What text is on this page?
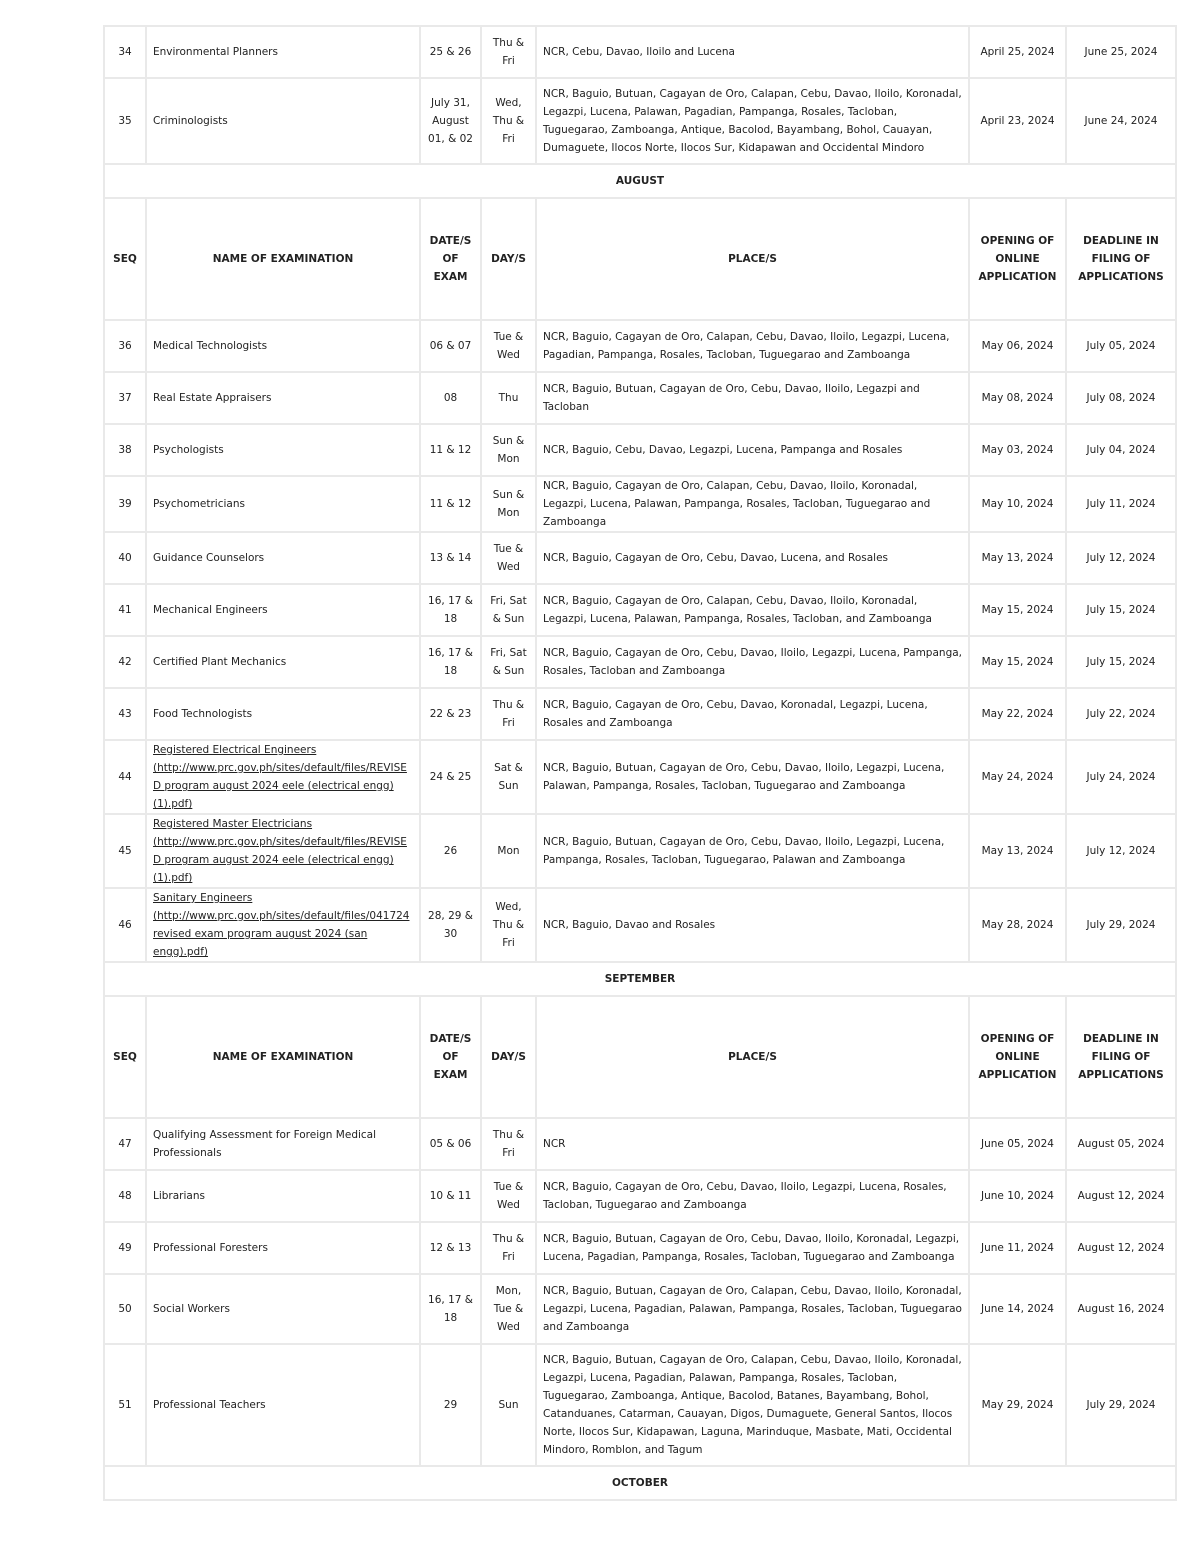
34	Environmental Planners	25 & 26	Thu & Fri	NCR, Cebu, Davao, Iloilo and Lucena	April 25, 2024	June 25, 2024
35	Criminologists	July 31, August 01, & 02	Wed, Thu & Fri	NCR, Baguio, Butuan, Cagayan de Oro, Calapan, Cebu, Davao, Iloilo, Koronadal, Legazpi, Lucena, Palawan, Pagadian, Pampanga, Rosales, Tacloban, Tuguegarao, Zamboanga, Antique, Bacolod, Bayambang, Bohol, Cauayan, Dumaguete, Ilocos Norte, Ilocos Sur, Kidapawan and Occidental Mindoro	April 23, 2024	June 24, 2024
AUGUST						
SEQ	NAME OF EXAMINATION	DATE/S OF EXAM	DAY/S	PLACE/S	OPENING OF ONLINE APPLICATION	DEADLINE IN FILING OF APPLICATIONS
36	Medical Technologists	06 & 07	Tue & Wed	NCR, Baguio, Cagayan de Oro, Calapan, Cebu, Davao, Iloilo, Legazpi, Lucena, Pagadian, Pampanga, Rosales, Tacloban, Tuguegarao and Zamboanga	May 06, 2024	July 05, 2024
37	Real Estate Appraisers	08	Thu	NCR, Baguio, Butuan, Cagayan de Oro, Cebu, Davao, Iloilo, Legazpi and Tacloban	May 08, 2024	July 08, 2024
38	Psychologists	11 & 12	Sun & Mon	NCR, Baguio, Cebu, Davao, Legazpi, Lucena, Pampanga and Rosales	May 03, 2024	July 04, 2024
39	Psychometricians	11 & 12	Sun & Mon	NCR, Baguio, Cagayan de Oro, Calapan, Cebu, Davao, Iloilo, Koronadal, Legazpi, Lucena, Palawan, Pampanga, Rosales, Tacloban, Tuguegarao and Zamboanga	May 10, 2024	July 11, 2024
40	Guidance Counselors	13 & 14	Tue & Wed	NCR, Baguio, Cagayan de Oro, Cebu, Davao, Lucena, and Rosales	May 13, 2024	July 12, 2024
41	Mechanical Engineers	16, 17 & 18	Fri, Sat & Sun	NCR, Baguio, Cagayan de Oro, Calapan, Cebu, Davao, Iloilo, Koronadal, Legazpi, Lucena, Palawan, Pampanga, Rosales, Tacloban, and Zamboanga	May 15, 2024	July 15, 2024
42	Certified Plant Mechanics	16, 17 & 18	Fri, Sat & Sun	NCR, Baguio, Cagayan de Oro, Cebu, Davao, Iloilo, Legazpi, Lucena, Pampanga, Rosales, Tacloban and Zamboanga	May 15, 2024	July 15, 2024
43	Food Technologists	22 & 23	Thu & Fri	NCR, Baguio, Cagayan de Oro, Cebu, Davao, Koronadal, Legazpi, Lucena, Rosales and Zamboanga	May 22, 2024	July 22, 2024
44	Registered Electrical Engineers (http://www.prc.gov.ph/sites/default/files/REVISED program august 2024 eele (electrical engg) (1).pdf)	24 & 25	Sat & Sun	NCR, Baguio, Butuan, Cagayan de Oro, Cebu, Davao, Iloilo, Legazpi, Lucena, Palawan, Pampanga, Rosales, Tacloban, Tuguegarao and Zamboanga	May 24, 2024	July 24, 2024
45	Registered Master Electricians (http://www.prc.gov.ph/sites/default/files/REVISED program august 2024 eele (electrical engg) (1).pdf)	26	Mon	NCR, Baguio, Butuan, Cagayan de Oro, Cebu, Davao, Iloilo, Legazpi, Lucena, Pampanga, Rosales, Tacloban, Tuguegarao, Palawan and Zamboanga	May 13, 2024	July 12, 2024
46	Sanitary Engineers (http://www.prc.gov.ph/sites/default/files/041724 revised exam program august 2024 (san engg).pdf)	28, 29 & 30	Wed, Thu & Fri	NCR, Baguio, Davao and Rosales	May 28, 2024	July 29, 2024
SEPTEMBER						
SEQ	NAME OF EXAMINATION	DATE/S OF EXAM	DAY/S	PLACE/S	OPENING OF ONLINE APPLICATION	DEADLINE IN FILING OF APPLICATIONS
47	Qualifying Assessment for Foreign Medical Professionals	05 & 06	Thu & Fri	NCR	June 05, 2024	August 05, 2024
48	Librarians	10 & 11	Tue & Wed	NCR, Baguio, Cagayan de Oro, Cebu, Davao, Iloilo, Legazpi, Lucena, Rosales, Tacloban, Tuguegarao and Zamboanga	June 10, 2024	August 12, 2024
49	Professional Foresters	12 & 13	Thu & Fri	NCR, Baguio, Butuan, Cagayan de Oro, Cebu, Davao, Iloilo, Koronadal, Legazpi, Lucena, Pagadian, Pampanga, Rosales, Tacloban, Tuguegarao and Zamboanga	June 11, 2024	August 12, 2024
50	Social Workers	16, 17 & 18	Mon, Tue & Wed	NCR, Baguio, Butuan, Cagayan de Oro, Calapan, Cebu, Davao, Iloilo, Koronadal, Legazpi, Lucena, Pagadian, Palawan, Pampanga, Rosales, Tacloban, Tuguegarao and Zamboanga	June 14, 2024	August 16, 2024
51	Professional Teachers	29	Sun	NCR, Baguio, Butuan, Cagayan de Oro, Calapan, Cebu, Davao, Iloilo, Koronadal, Legazpi, Lucena, Pagadian, Palawan, Pampanga, Rosales, Tacloban, Tuguegarao, Zamboanga, Antique, Bacolod, Batanes, Bayambang, Bohol, Catanduanes, Catarman, Cauayan, Digos, Dumaguete, General Santos, Ilocos Norte, Ilocos Sur, Kidapawan, Laguna, Marinduque, Masbate, Mati, Occidental Mindoro, Romblon, and Tagum	May 29, 2024	July 29, 2024
OCTOBER						
